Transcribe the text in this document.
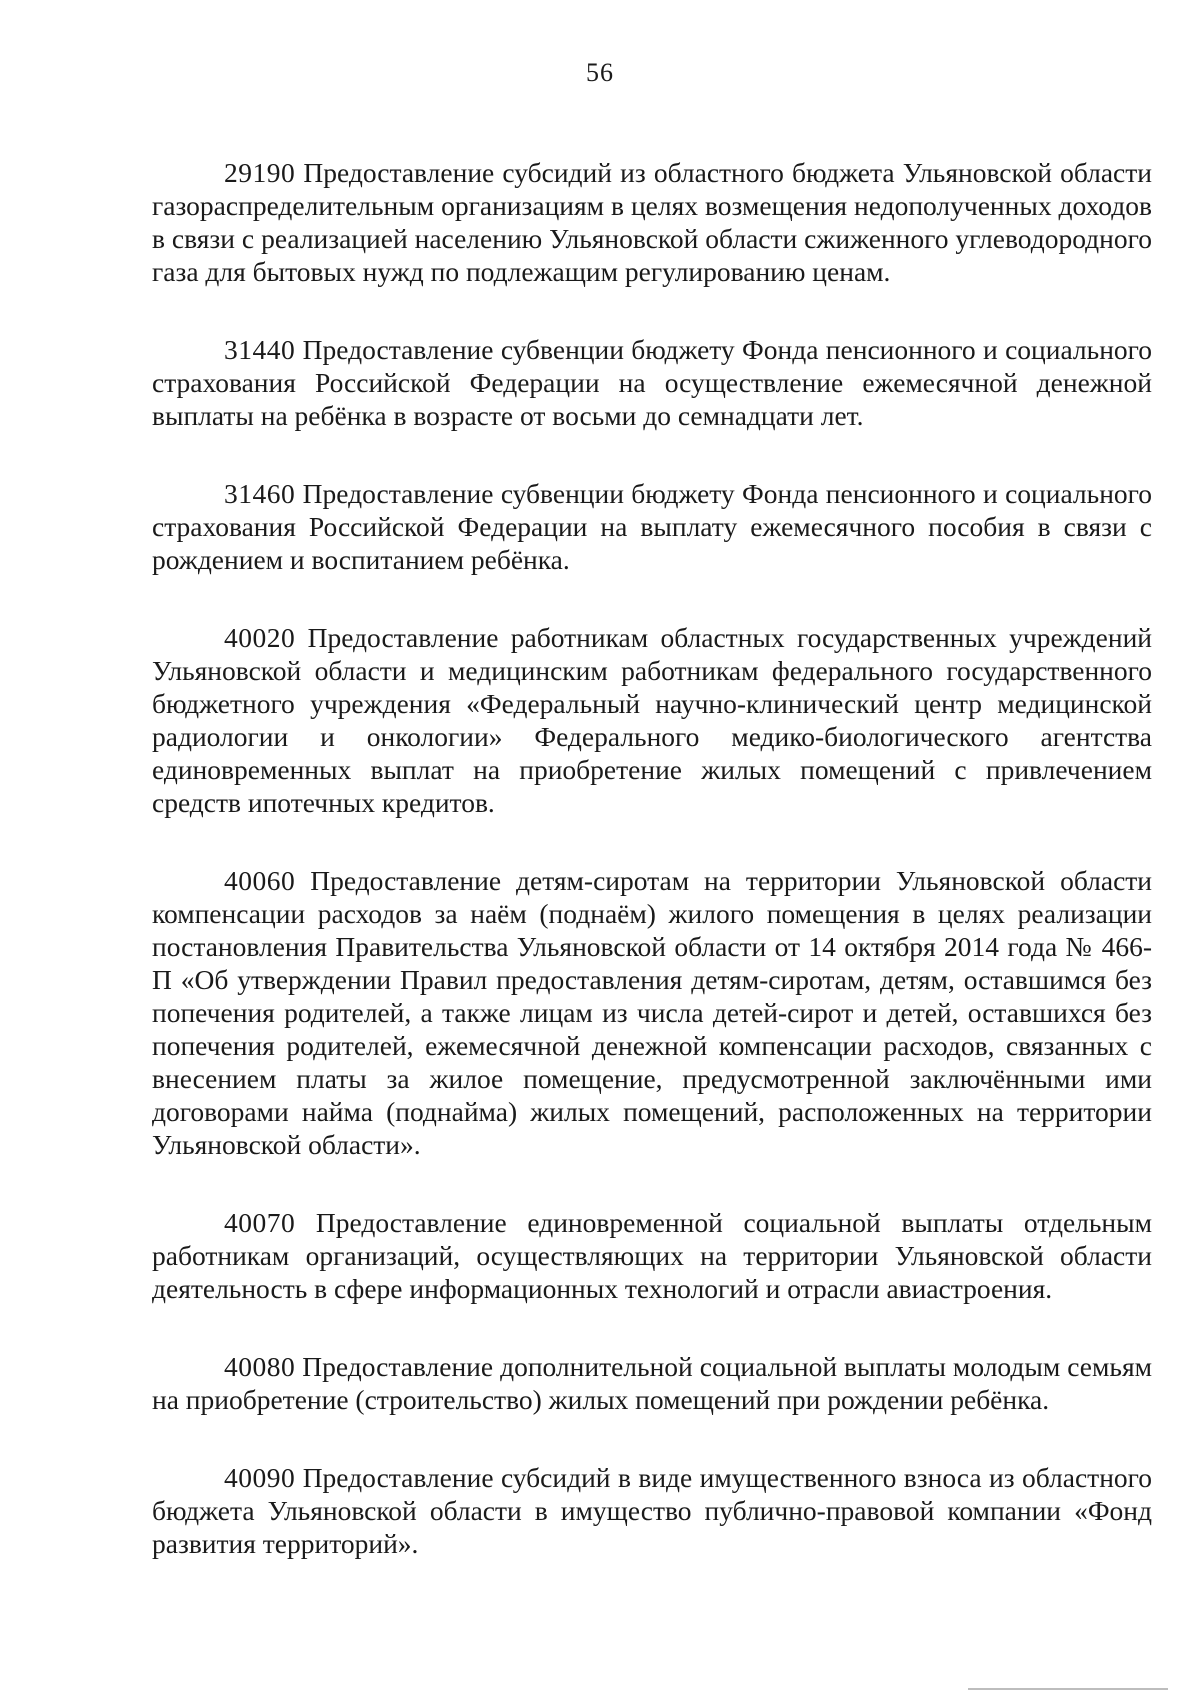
56

29190 Предоставление субсидий из областного бюджета Ульяновской области газораспределительным организациям в целях возмещения недополученных доходов в связи с реализацией населению Ульяновской области сжиженного углеводородного газа для бытовых нужд по подлежащим регулированию ценам.

31440 Предоставление субвенции бюджету Фонда пенсионного и социального страхования Российской Федерации на осуществление ежемесячной денежной выплаты на ребёнка в возрасте от восьми до семнадцати лет.

31460 Предоставление субвенции бюджету Фонда пенсионного и социального страхования Российской Федерации на выплату ежемесячного пособия в связи с рождением и воспитанием ребёнка.

40020 Предоставление работникам областных государственных учреждений Ульяновской области и медицинским работникам федерального государственного бюджетного учреждения «Федеральный научно-клинический центр медицинской радиологии и онкологии» Федерального медико-биологического агентства единовременных выплат на приобретение жилых помещений с привлечением средств ипотечных кредитов.

40060 Предоставление детям-сиротам на территории Ульяновской области компенсации расходов за наём (поднаём) жилого помещения в целях реализации постановления Правительства Ульяновской области от 14 октября 2014 года № 466-П «Об утверждении Правил предоставления детям-сиротам, детям, оставшимся без попечения родителей, а также лицам из числа детей-сирот и детей, оставшихся без попечения родителей, ежемесячной денежной компенсации расходов, связанных с внесением платы за жилое помещение, предусмотренной заключёнными ими договорами найма (поднайма) жилых помещений, расположенных на территории Ульяновской области».

40070 Предоставление единовременной социальной выплаты отдельным работникам организаций, осуществляющих на территории Ульяновской области деятельность в сфере информационных технологий и отрасли авиастроения.

40080 Предоставление дополнительной социальной выплаты молодым семьям на приобретение (строительство) жилых помещений при рождении ребёнка.

40090 Предоставление субсидий в виде имущественного взноса из областного бюджета Ульяновской области в имущество публично-правовой компании «Фонд развития территорий».
